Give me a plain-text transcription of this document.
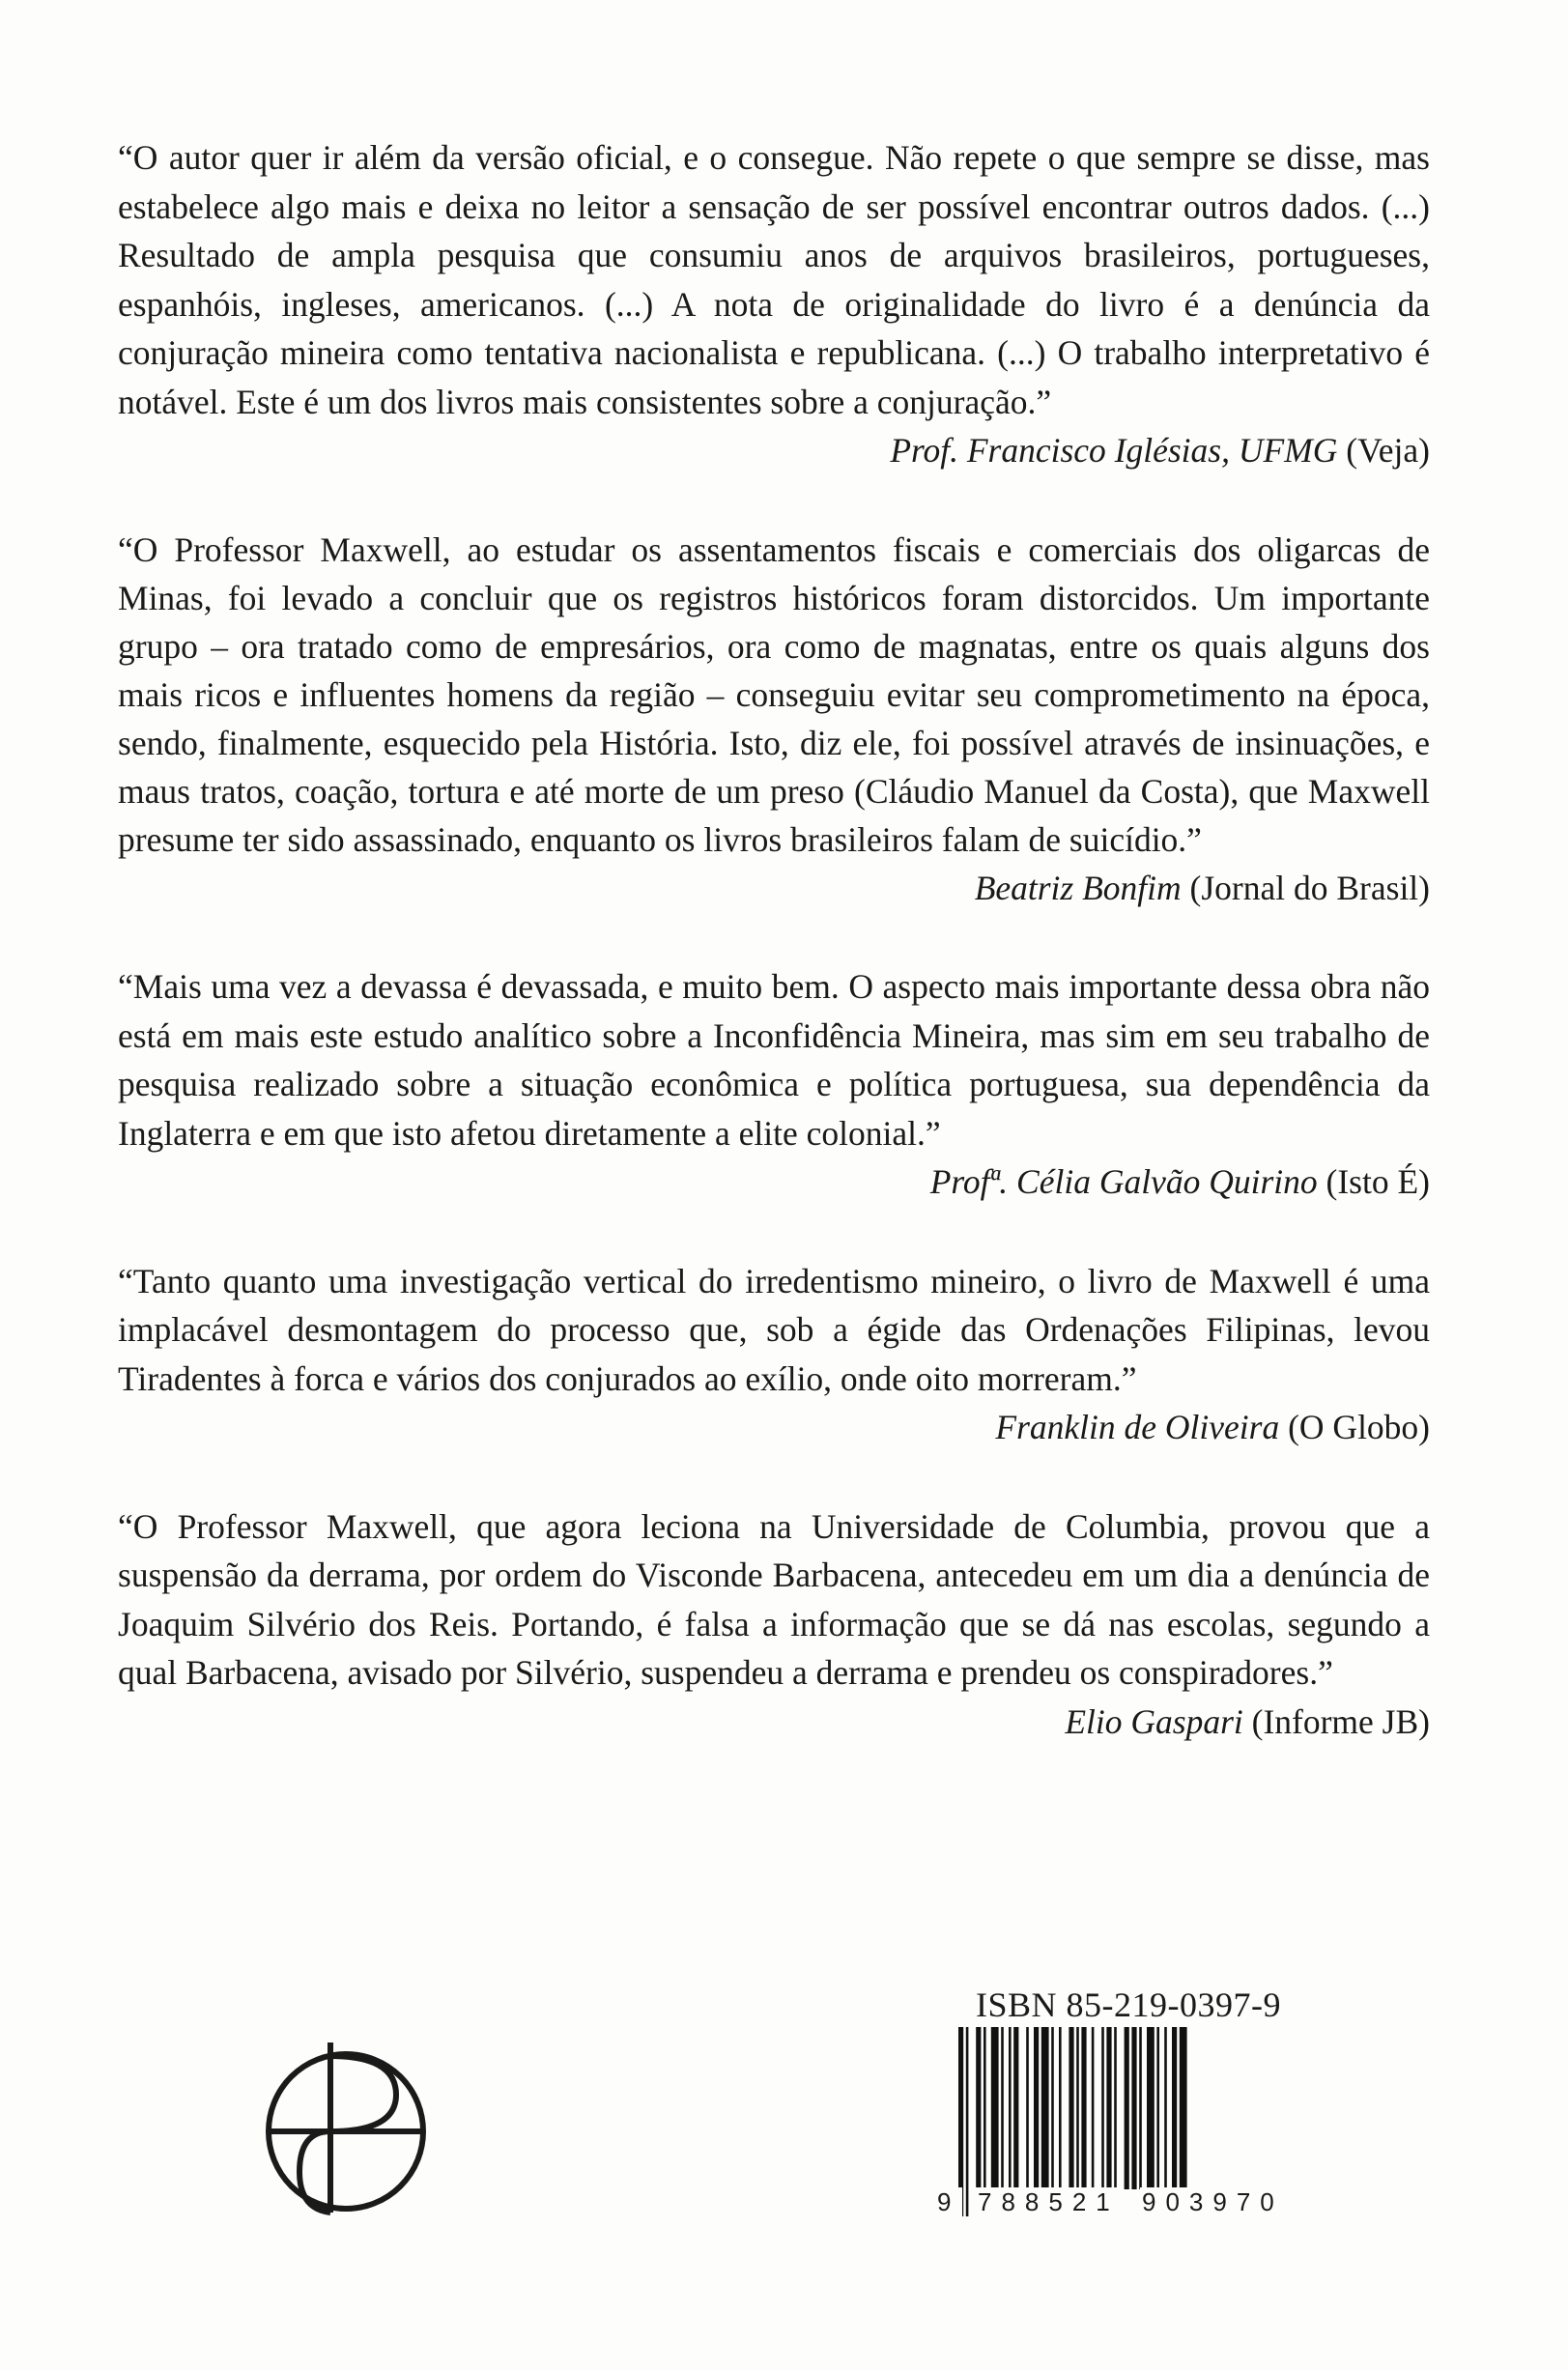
“O autor quer ir além da versão oficial, e o consegue. Não repete o que sempre se disse, mas estabelece algo mais e deixa no leitor a sensação de ser possível encontrar outros dados. (...) Resultado de ampla pesquisa que consumiu anos de arquivos brasileiros, portugueses, espanhóis, ingleses, americanos. (...) A nota de originalidade do livro é a denúncia da conjuração mineira como tentativa nacionalista e republicana. (...) O trabalho interpretativo é notável. Este é um dos livros mais consistentes sobre a conjuração.”

Prof. Francisco Iglésias, UFMG (Veja)

“O Professor Maxwell, ao estudar os assentamentos fiscais e comerciais dos oligarcas de Minas, foi levado a concluir que os registros históricos foram distorcidos. Um importante grupo – ora tratado como de empresários, ora como de magnatas, entre os quais alguns dos mais ricos e influentes homens da região – conseguiu evitar seu comprometimento na época, sendo, finalmente, esquecido pela História. Isto, diz ele, foi possível através de insinuações, e maus tratos, coação, tortura e até morte de um preso (Cláudio Manuel da Costa), que Maxwell presume ter sido assassinado, enquanto os livros brasileiros falam de suicídio.”

Beatriz Bonfim (Jornal do Brasil)

“Mais uma vez a devassa é devassada, e muito bem. O aspecto mais importante dessa obra não está em mais este estudo analítico sobre a Inconfidência Mineira, mas sim em seu trabalho de pesquisa realizado sobre a situação econômica e política portuguesa, sua dependência da Inglaterra e em que isto afetou diretamente a elite colonial.”

Profª. Célia Galvão Quirino (Isto É)

“Tanto quanto uma investigação vertical do irredentismo mineiro, o livro de Maxwell é uma implacável desmontagem do processo que, sob a égide das Ordenações Filipinas, levou Tiradentes à forca e vários dos conjurados ao exílio, onde oito morreram.”

Franklin de Oliveira (O Globo)

“O Professor Maxwell, que agora leciona na Universidade de Columbia, provou que a suspensão da derrama, por ordem do Visconde Barbacena, antecedeu em um dia a denúncia de Joaquim Silvério dos Reis. Portando, é falsa a informação que se dá nas escolas, segundo a qual Barbacena, avisado por Silvério, suspendeu a derrama e prendeu os conspiradores.”

Elio Gaspari (Informe JB)

ISBN 85-219-0397-9
9 788521 903970
